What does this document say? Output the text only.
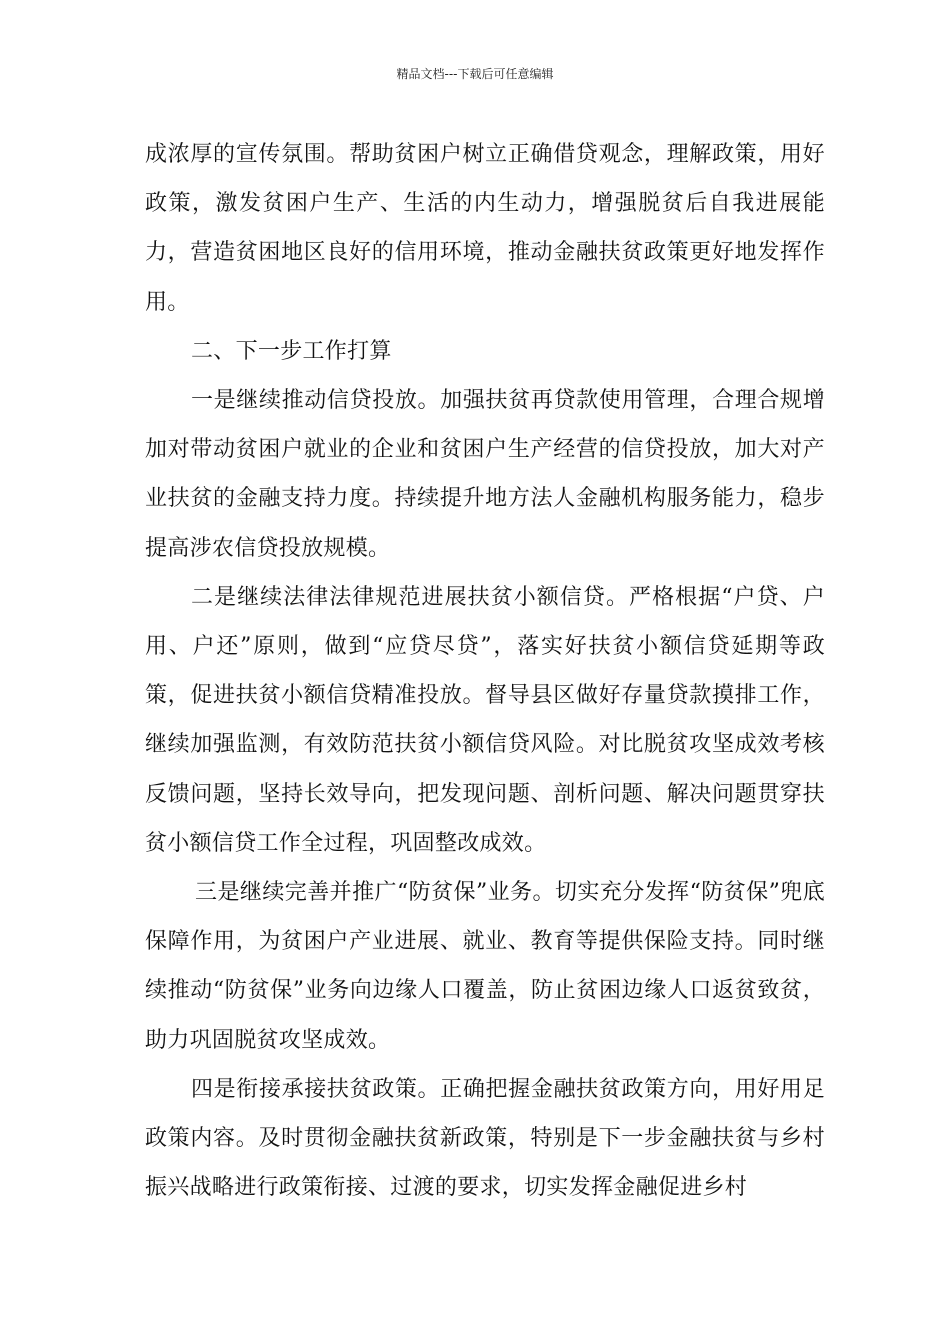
精品文档---下载后可任意编辑

成浓厚的宣传氛围。帮助贫困户树立正确借贷观念，理解政策，用好政策，激发贫困户生产、生活的内生动力，增强脱贫后自我进展能力，营造贫困地区良好的信用环境，推动金融扶贫政策更好地发挥作用。

二、下一步工作打算

一是继续推动信贷投放。加强扶贫再贷款使用管理，合理合规增加对带动贫困户就业的企业和贫困户生产经营的信贷投放，加大对产业扶贫的金融支持力度。持续提升地方法人金融机构服务能力，稳步提高涉农信贷投放规模。

二是继续法律法律规范进展扶贫小额信贷。严格根据“户贷、户用、户还”原则，做到“应贷尽贷”，落实好扶贫小额信贷延期等政策，促进扶贫小额信贷精准投放。督导县区做好存量贷款摸排工作，继续加强监测，有效防范扶贫小额信贷风险。对比脱贫攻坚成效考核反馈问题，坚持长效导向，把发现问题、剖析问题、解决问题贯穿扶贫小额信贷工作全过程，巩固整改成效。

三是继续完善并推广“防贫保”业务。切实充分发挥“防贫保”兜底保障作用，为贫困户产业进展、就业、教育等提供保险支持。同时继续推动“防贫保”业务向边缘人口覆盖，防止贫困边缘人口返贫致贫，助力巩固脱贫攻坚成效。

四是衔接承接扶贫政策。正确把握金融扶贫政策方向，用好用足政策内容。及时贯彻金融扶贫新政策，特别是下一步金融扶贫与乡村振兴战略进行政策衔接、过渡的要求，切实发挥金融促进乡村
